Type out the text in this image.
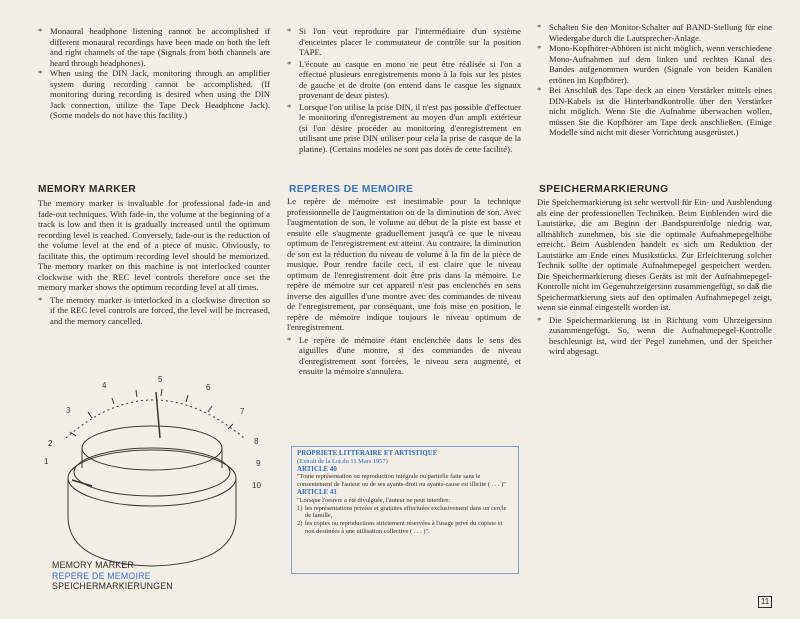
* Monaural headphone listening cannot be accomplished if different monaural recordings have been made on both the left and right channels of the tape (Signals from both channels are heard through headphones).
* When using the DIN Jack, monitoring through an amplifier system during recording cannot be accomplished. (If monitoring during recording is desired when using the DIN Jack connection, utilize the Tape Deck Headphone Jack). (Some models do not have this facility.)
MEMORY MARKER

The memory marker is invaluable for professional fade-in and fade-out techniques. With fade-in, the volume at the beginning of a track is low and then it is gradually increased until the optimum recording level is reached. Conversely, fade-out is the reduction of the volume level at the end of a piece of music. Obviously, to facilitate this, the optimum recording level should be memorized. The memory marker on this machine is not interlocked counter clockwise with the REC level controls therefore once set the memory marker shows the optimum recording level at all times.

* The memory marker is interlocked in a clockwise direction so if the REC level controls are forced, the level will be increased, and the memory cancelled.
* Si l'on veut reproduire par l'intermédiaire d'un système d'enceintes placer le commutateur de contrôle sur la position TAPE.
* L'écoute au casque en mono ne peut être réalisée si l'on a effectué plusieurs enregistrements mono à la fois sur les pistes de gauche et de droite (on entend dans le casque les signaux provenant de deux pistes).
* Lorsque l'on utilise la prise DIN, il n'est pas possible d'effectuer le monitoring d'enregistrement au moyen d'un ampli extérieur (si l'on désire procéder au monitoring d'enregistrement en utilisant une prise DIN utiliser pour cela la prise de casque de la platine). (Certains modèles ne sont pas dotés de cette facilité).
REPERES DE MEMOIRE

Le repère de mémoire est inestimable pour la technique professionnelle de l'augmentation ou de la diminution de son. Avec l'augmentation de son, le volume au début de la piste est basse et ensuite elle s'augmente graduellement jusqu'à ce que le niveau optimum de l'enregistrement est atteint. Au contraire, la diminution de son est la réduction du niveau de volume à la fin de la pièce de musique. Pour rendre facile ceci, il est claire que le niveau optimum de l'enregistrement doit être pris dans la mémoire. Le repère de mémoire sur cet appareil n'est pas enclenchés en sens inverse des aiguilles d'une montre avec des commandes de niveau de l'enregistrement, par conséquant, une fois mise en position, le repère de mémoire indique toujours le niveau optimum de l'enregistrement.

* Le repère de mémoire étant enclenchée dans le sens des aiguilles d'une montre, si des commandes de niveau d'enregistrement sont forcées, le niveau sera augmenté, et ensuite la mémoire s'annulera.
* Schalten Sie den Monitor-Schalter auf BAND-Stellung für eine Wiedergabe durch die Lautsprecher-Anlage.
* Mono-Kopfhörer-Abhören ist nicht möglich, wenn verschiedene Mono-Aufnahmen auf dem linken und rechten Kanal des Bandes aufgenommen wurden (Signale von beiden Kanälen ertönen im Kopfhörer).
* Bei Anschluß des Tape deck an einen Verstärker mittels eines DIN-Kabels ist die Hinterbandkontrolle über den Verstärker nicht möglich. Wenn Sie die Aufnahme überwachen wollen, müssen Sie die Kopfhörer am Tape deck anschließen. (Einige Modelle sind nicht mit dieser Vorrichtung ausgerüstet.)
SPEICHERMARKIERUNG

Die Speichermarkierung ist sehr wertvoll für Ein- und Ausblendung als eine der professionellen Techniken. Beim Einblenden wird die Lautstärke, die am Beginn der Bandspurenfolge niedrig war, allmählich zunehmen, bis sie die optimale Aufnahmepegelhöhe erreicht. Beim Ausblenden handelt es sich um Reduktion der Lautstärke am Ende eines Musikstücks. Zur Erleichterung solcher Technik sollte der optimale Aufnahmepegel gespeichert werden. Die Speichermarkierung dieses Geräts ist mit der Aufnahmepegel-Kontrolle nicht im Gegenuhrzeigersinn zusammengefügt, so daß die Speichermarkierung stets auf den optimalen Aufnahmepegel zeigt, wenn sie einmal eingestellt worden ist.

* Die Speichermarkierung ist in Richtung vom Uhrzeigersinn zusammengefügt. So, wenn die Aufnahmepegel-Kontrolle beschleunigt ist, wird der Pegel zunehmen, und der Speicher wird abgesagt.
1
2
3
4
5
6
7
8
9
10
MEMORY MARKER
REPERE DE MEMOIRE
SPEICHERMARKIERUNGEN
PROPRIETE LITTERAIRE ET ARTISTIQUE
(Extrait de la Loi du 11 Mars 1957)
ARTICLE 40

"Toute représentation ou reproduction intégrale ou partielle faite sans le consentement de l'auteur ou de ses ayants-droit ou ayants-cause est illicite ( . . . )"

ARTICLE 41

"Lorsque l'oeuvre a été divulguée, l'auteur ne peut interdire:

1) les représentations privées et gratuites effectuées exclusivement dans un cercle de famille,
2) les copies ou reproductions strictement réservées à l'usage privé du copiste et non destinées à une utilisation collective ( . . . )".
11
